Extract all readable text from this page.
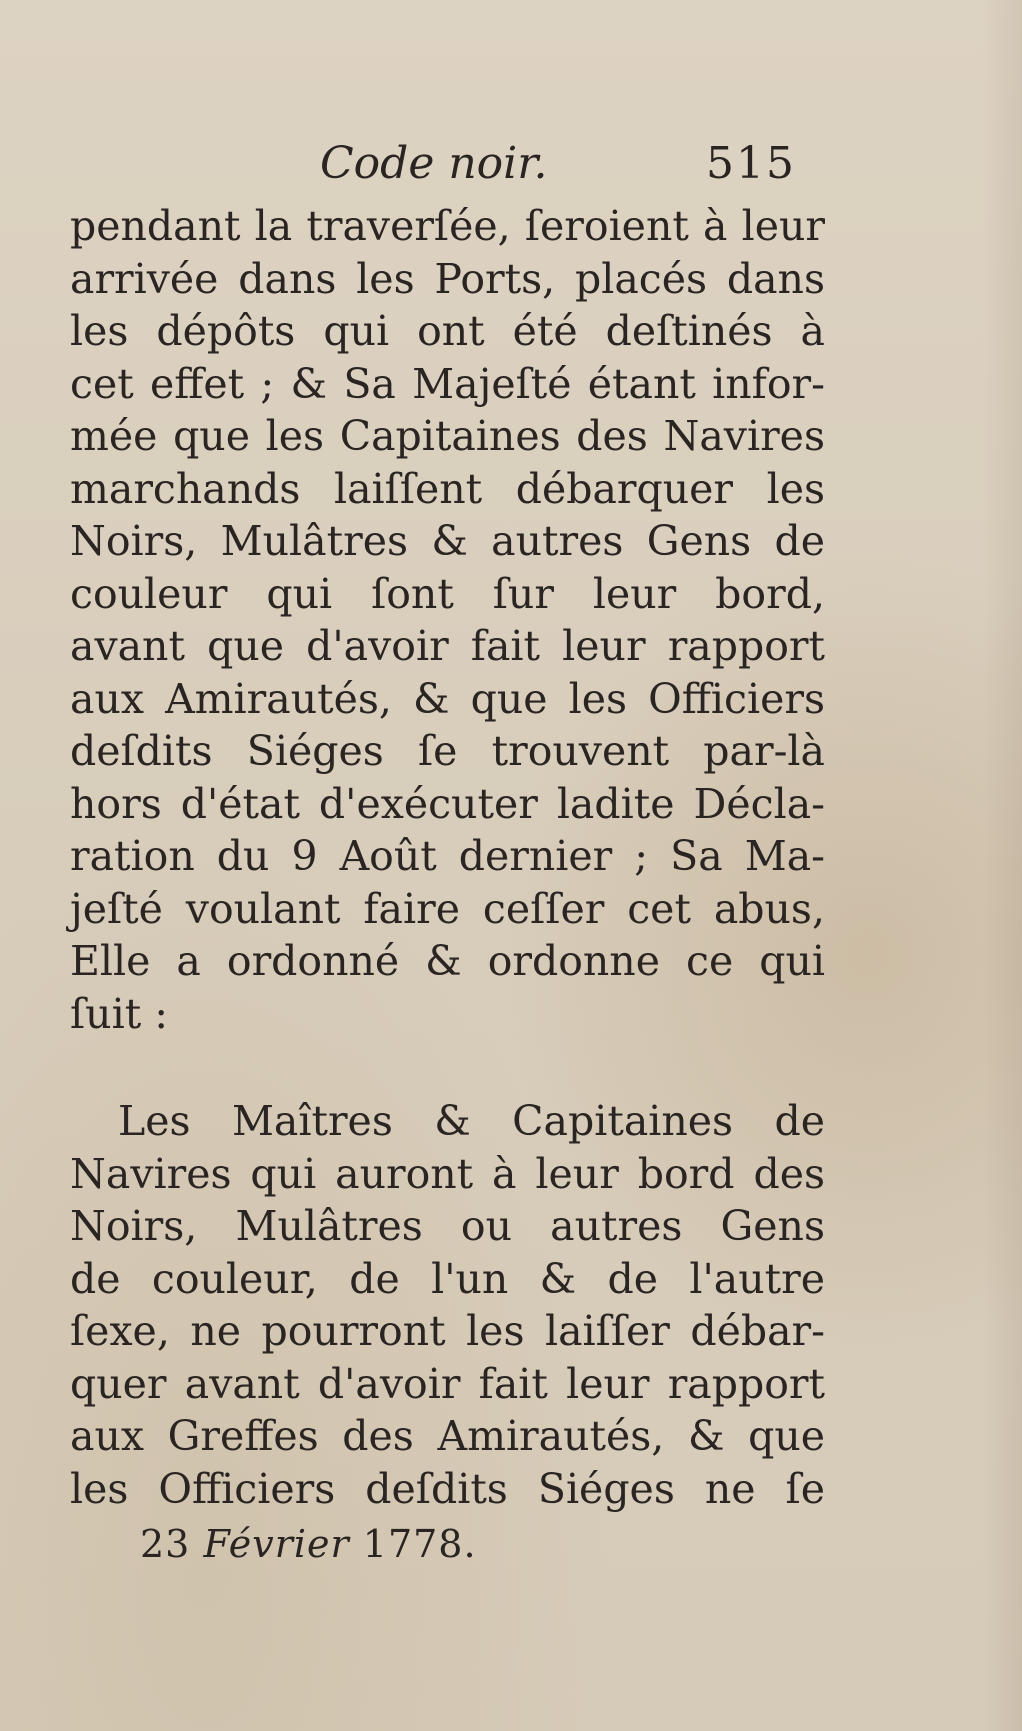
Code noir.	515
pendant la traverſée, ſeroient à leur
arrivée dans les Ports, placés dans
les dépôts qui ont été deſtinés à
cet effet ; & Sa Majeſté étant infor-
mée que les Capitaines des Navires
marchands laiſſent débarquer les
Noirs, Mulâtres & autres Gens de
couleur qui ſont ſur leur bord,
avant que d'avoir fait leur rapport
aux Amirautés, & que les Officiers
deſdits Siéges ſe trouvent par-là
hors d'état d'exécuter ladite Décla-
ration du 9 Août dernier ; Sa Ma-
jeſté voulant faire ceſſer cet abus,
Elle a ordonné & ordonne ce qui
ſuit :
Les Maîtres & Capitaines de
Navires qui auront à leur bord des
Noirs, Mulâtres ou autres Gens
de couleur, de l'un & de l'autre
ſexe, ne pourront les laiſſer débar-
quer avant d'avoir fait leur rapport
aux Greffes des Amirautés, & que
les Officiers deſdits Siéges ne ſe
23 Février 1778.
